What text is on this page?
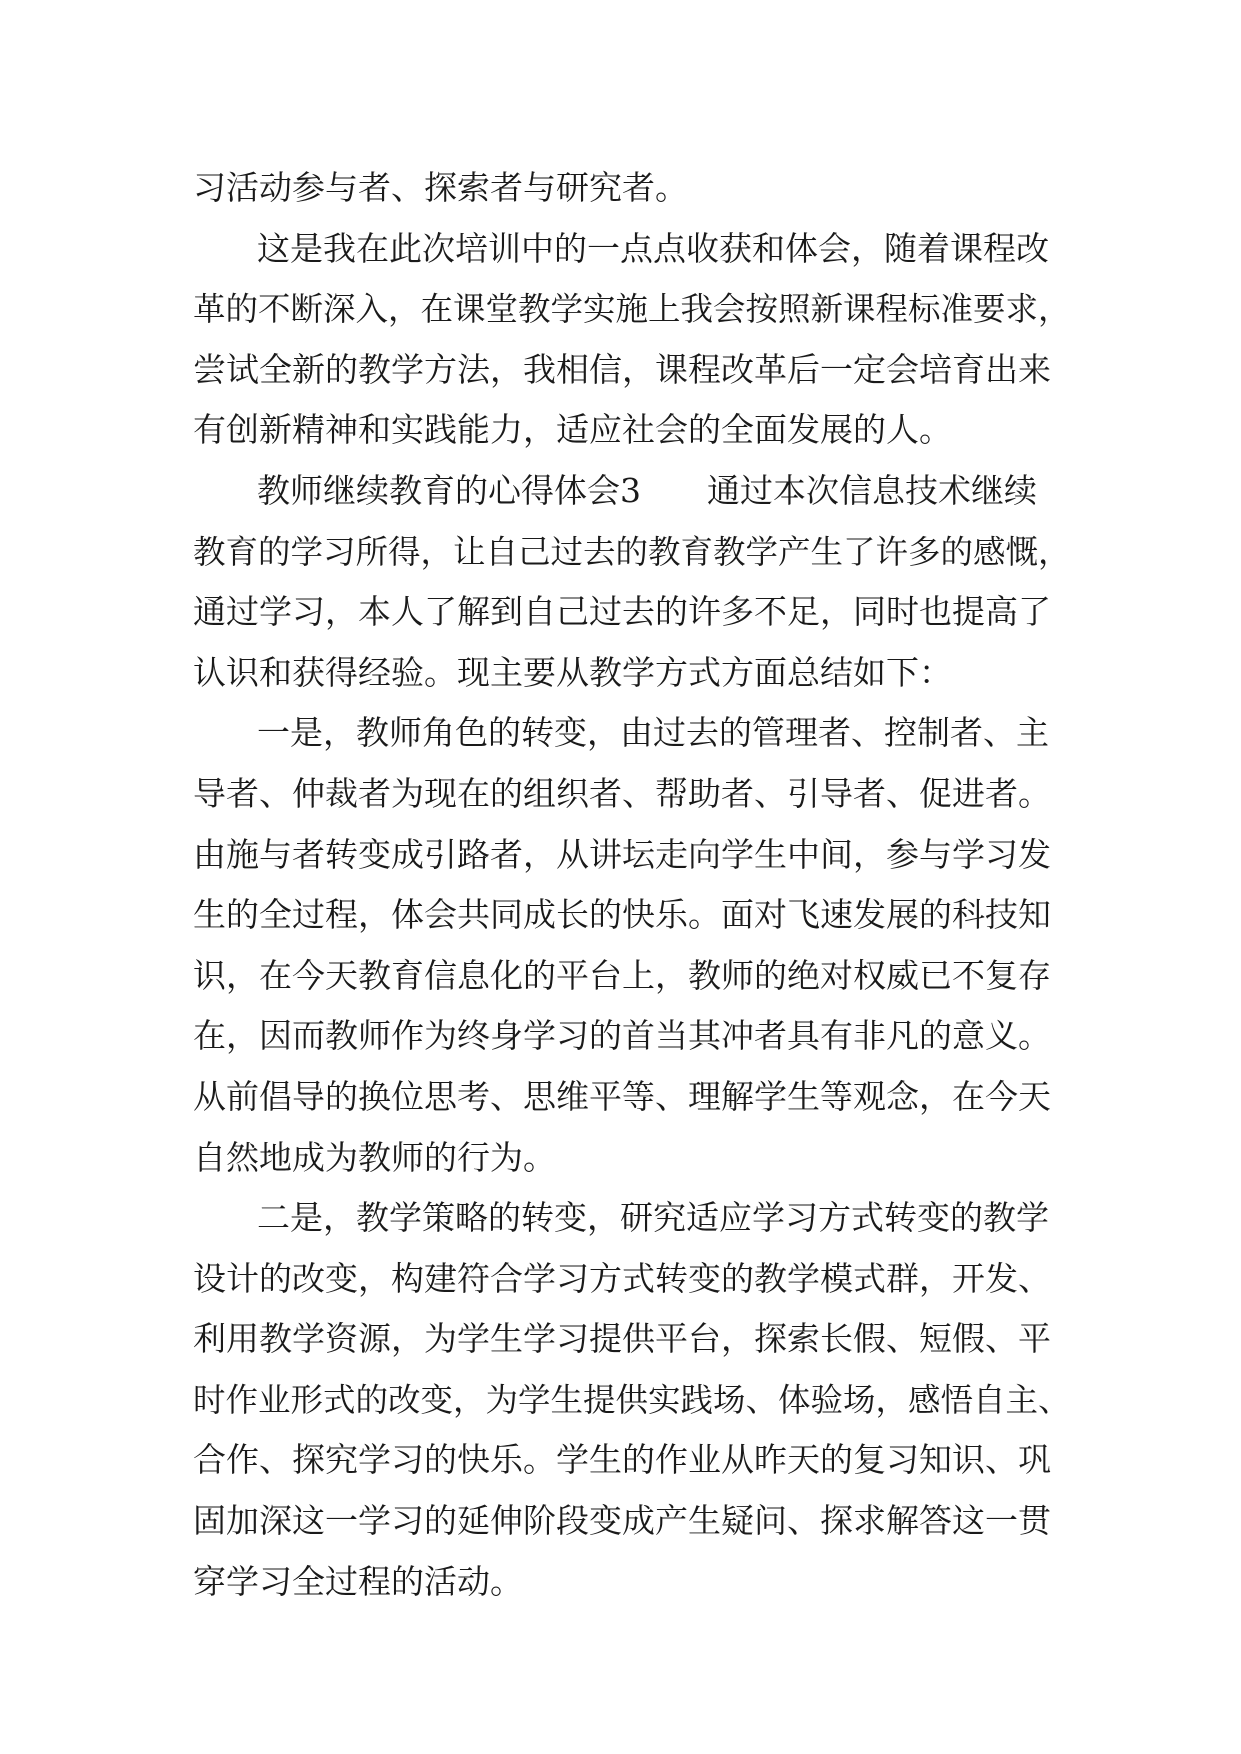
习活动参与者、探索者与研究者。
这是我在此次培训中的一点点收获和体会，随着课程改
革的不断深入，在课堂教学实施上我会按照新课程标准要求，
尝试全新的教学方法，我相信，课程改革后一定会培育出来
有创新精神和实践能力，适应社会的全面发展的人。
教师继续教育的心得体会3　　通过本次信息技术继续
教育的学习所得，让自己过去的教育教学产生了许多的感慨，
通过学习，本人了解到自己过去的许多不足，同时也提高了
认识和获得经验。现主要从教学方式方面总结如下：
一是，教师角色的转变，由过去的管理者、控制者、主
导者、仲裁者为现在的组织者、帮助者、引导者、促进者。
由施与者转变成引路者，从讲坛走向学生中间，参与学习发
生的全过程，体会共同成长的快乐。面对飞速发展的科技知
识，在今天教育信息化的平台上，教师的绝对权威已不复存
在，因而教师作为终身学习的首当其冲者具有非凡的意义。
从前倡导的换位思考、思维平等、理解学生等观念，在今天
自然地成为教师的行为。
二是，教学策略的转变，研究适应学习方式转变的教学
设计的改变，构建符合学习方式转变的教学模式群，开发、
利用教学资源，为学生学习提供平台，探索长假、短假、平
时作业形式的改变，为学生提供实践场、体验场，感悟自主、
合作、探究学习的快乐。学生的作业从昨天的复习知识、巩
固加深这一学习的延伸阶段变成产生疑问、探求解答这一贯
穿学习全过程的活动。
